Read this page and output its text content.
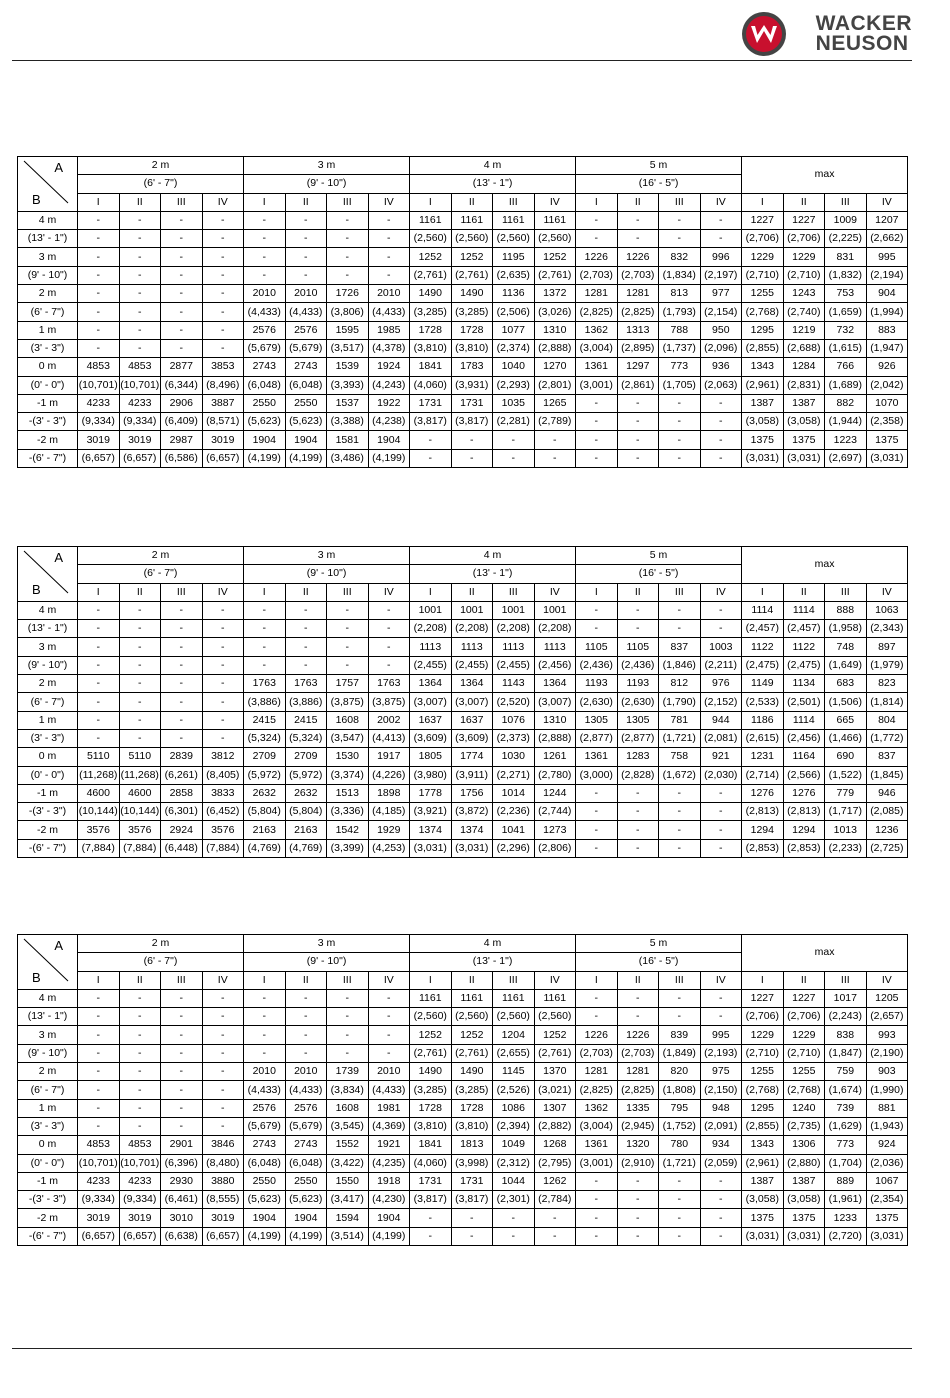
WACKER
NEUSON
A
B	2 m				3 m				4 m				5 m				max			
	(6' - 7")				(9' - 10")				(13' - 1")				(16' - 5")							
	I	II	III	IV	I	II	III	IV	I	II	III	IV	I	II	III	IV	I	II	III	IV
4 m	-	-	-	-	-	-	-	-	1161	1161	1161	1161	-	-	-	-	1227	1227	1009	1207
(13' - 1")	-	-	-	-	-	-	-	-	(2,560)	(2,560)	(2,560)	(2,560)	-	-	-	-	(2,706)	(2,706)	(2,225)	(2,662)
3 m	-	-	-	-	-	-	-	-	1252	1252	1195	1252	1226	1226	832	996	1229	1229	831	995
(9' - 10")	-	-	-	-	-	-	-	-	(2,761)	(2,761)	(2,635)	(2,761)	(2,703)	(2,703)	(1,834)	(2,197)	(2,710)	(2,710)	(1,832)	(2,194)
2 m	-	-	-	-	2010	2010	1726	2010	1490	1490	1136	1372	1281	1281	813	977	1255	1243	753	904
(6' - 7")	-	-	-	-	(4,433)	(4,433)	(3,806)	(4,433)	(3,285)	(3,285)	(2,506)	(3,026)	(2,825)	(2,825)	(1,793)	(2,154)	(2,768)	(2,740)	(1,659)	(1,994)
1 m	-	-	-	-	2576	2576	1595	1985	1728	1728	1077	1310	1362	1313	788	950	1295	1219	732	883
(3' - 3")	-	-	-	-	(5,679)	(5,679)	(3,517)	(4,378)	(3,810)	(3,810)	(2,374)	(2,888)	(3,004)	(2,895)	(1,737)	(2,096)	(2,855)	(2,688)	(1,615)	(1,947)
0 m	4853	4853	2877	3853	2743	2743	1539	1924	1841	1783	1040	1270	1361	1297	773	936	1343	1284	766	926
(0' - 0")	(10,701)	(10,701)	(6,344)	(8,496)	(6,048)	(6,048)	(3,393)	(4,243)	(4,060)	(3,931)	(2,293)	(2,801)	(3,001)	(2,861)	(1,705)	(2,063)	(2,961)	(2,831)	(1,689)	(2,042)
-1 m	4233	4233	2906	3887	2550	2550	1537	1922	1731	1731	1035	1265	-	-	-	-	1387	1387	882	1070
-(3' - 3")	(9,334)	(9,334)	(6,409)	(8,571)	(5,623)	(5,623)	(3,388)	(4,238)	(3,817)	(3,817)	(2,281)	(2,789)	-	-	-	-	(3,058)	(3,058)	(1,944)	(2,358)
-2 m	3019	3019	2987	3019	1904	1904	1581	1904	-	-	-	-	-	-	-	-	1375	1375	1223	1375
-(6' - 7")	(6,657)	(6,657)	(6,586)	(6,657)	(4,199)	(4,199)	(3,486)	(4,199)	-	-	-	-	-	-	-	-	(3,031)	(3,031)	(2,697)	(3,031)
A
B	2 m				3 m				4 m				5 m				max			
	(6' - 7")				(9' - 10")				(13' - 1")				(16' - 5")							
	I	II	III	IV	I	II	III	IV	I	II	III	IV	I	II	III	IV	I	II	III	IV
4 m	-	-	-	-	-	-	-	-	1001	1001	1001	1001	-	-	-	-	1114	1114	888	1063
(13' - 1")	-	-	-	-	-	-	-	-	(2,208)	(2,208)	(2,208)	(2,208)	-	-	-	-	(2,457)	(2,457)	(1,958)	(2,343)
3 m	-	-	-	-	-	-	-	-	1113	1113	1113	1113	1105	1105	837	1003	1122	1122	748	897
(9' - 10")	-	-	-	-	-	-	-	-	(2,455)	(2,455)	(2,455)	(2,456)	(2,436)	(2,436)	(1,846)	(2,211)	(2,475)	(2,475)	(1,649)	(1,979)
2 m	-	-	-	-	1763	1763	1757	1763	1364	1364	1143	1364	1193	1193	812	976	1149	1134	683	823
(6' - 7")	-	-	-	-	(3,886)	(3,886)	(3,875)	(3,875)	(3,007)	(3,007)	(2,520)	(3,007)	(2,630)	(2,630)	(1,790)	(2,152)	(2,533)	(2,501)	(1,506)	(1,814)
1 m	-	-	-	-	2415	2415	1608	2002	1637	1637	1076	1310	1305	1305	781	944	1186	1114	665	804
(3' - 3")	-	-	-	-	(5,324)	(5,324)	(3,547)	(4,413)	(3,609)	(3,609)	(2,373)	(2,888)	(2,877)	(2,877)	(1,721)	(2,081)	(2,615)	(2,456)	(1,466)	(1,772)
0 m	5110	5110	2839	3812	2709	2709	1530	1917	1805	1774	1030	1261	1361	1283	758	921	1231	1164	690	837
(0' - 0")	(11,268)	(11,268)	(6,261)	(8,405)	(5,972)	(5,972)	(3,374)	(4,226)	(3,980)	(3,911)	(2,271)	(2,780)	(3,000)	(2,828)	(1,672)	(2,030)	(2,714)	(2,566)	(1,522)	(1,845)
-1 m	4600	4600	2858	3833	2632	2632	1513	1898	1778	1756	1014	1244	-	-	-	-	1276	1276	779	946
-(3' - 3")	(10,144)	(10,144)	(6,301)	(6,452)	(5,804)	(5,804)	(3,336)	(4,185)	(3,921)	(3,872)	(2,236)	(2,744)	-	-	-	-	(2,813)	(2,813)	(1,717)	(2,085)
-2 m	3576	3576	2924	3576	2163	2163	1542	1929	1374	1374	1041	1273	-	-	-	-	1294	1294	1013	1236
-(6' - 7")	(7,884)	(7,884)	(6,448)	(7,884)	(4,769)	(4,769)	(3,399)	(4,253)	(3,031)	(3,031)	(2,296)	(2,806)	-	-	-	-	(2,853)	(2,853)	(2,233)	(2,725)
A
B	2 m				3 m				4 m				5 m				max			
	(6' - 7")				(9' - 10")				(13' - 1")				(16' - 5")							
	I	II	III	IV	I	II	III	IV	I	II	III	IV	I	II	III	IV	I	II	III	IV
4 m	-	-	-	-	-	-	-	-	1161	1161	1161	1161	-	-	-	-	1227	1227	1017	1205
(13' - 1")	-	-	-	-	-	-	-	-	(2,560)	(2,560)	(2,560)	(2,560)	-	-	-	-	(2,706)	(2,706)	(2,243)	(2,657)
3 m	-	-	-	-	-	-	-	-	1252	1252	1204	1252	1226	1226	839	995	1229	1229	838	993
(9' - 10")	-	-	-	-	-	-	-	-	(2,761)	(2,761)	(2,655)	(2,761)	(2,703)	(2,703)	(1,849)	(2,193)	(2,710)	(2,710)	(1,847)	(2,190)
2 m	-	-	-	-	2010	2010	1739	2010	1490	1490	1145	1370	1281	1281	820	975	1255	1255	759	903
(6' - 7")	-	-	-	-	(4,433)	(4,433)	(3,834)	(4,433)	(3,285)	(3,285)	(2,526)	(3,021)	(2,825)	(2,825)	(1,808)	(2,150)	(2,768)	(2,768)	(1,674)	(1,990)
1 m	-	-	-	-	2576	2576	1608	1981	1728	1728	1086	1307	1362	1335	795	948	1295	1240	739	881
(3' - 3")	-	-	-	-	(5,679)	(5,679)	(3,545)	(4,369)	(3,810)	(3,810)	(2,394)	(2,882)	(3,004)	(2,945)	(1,752)	(2,091)	(2,855)	(2,735)	(1,629)	(1,943)
0 m	4853	4853	2901	3846	2743	2743	1552	1921	1841	1813	1049	1268	1361	1320	780	934	1343	1306	773	924
(0' - 0")	(10,701)	(10,701)	(6,396)	(8,480)	(6,048)	(6,048)	(3,422)	(4,235)	(4,060)	(3,998)	(2,312)	(2,795)	(3,001)	(2,910)	(1,721)	(2,059)	(2,961)	(2,880)	(1,704)	(2,036)
-1 m	4233	4233	2930	3880	2550	2550	1550	1918	1731	1731	1044	1262	-	-	-	-	1387	1387	889	1067
-(3' - 3")	(9,334)	(9,334)	(6,461)	(8,555)	(5,623)	(5,623)	(3,417)	(4,230)	(3,817)	(3,817)	(2,301)	(2,784)	-	-	-	-	(3,058)	(3,058)	(1,961)	(2,354)
-2 m	3019	3019	3010	3019	1904	1904	1594	1904	-	-	-	-	-	-	-	-	1375	1375	1233	1375
-(6' - 7")	(6,657)	(6,657)	(6,638)	(6,657)	(4,199)	(4,199)	(3,514)	(4,199)	-	-	-	-	-	-	-	-	(3,031)	(3,031)	(2,720)	(3,031)
